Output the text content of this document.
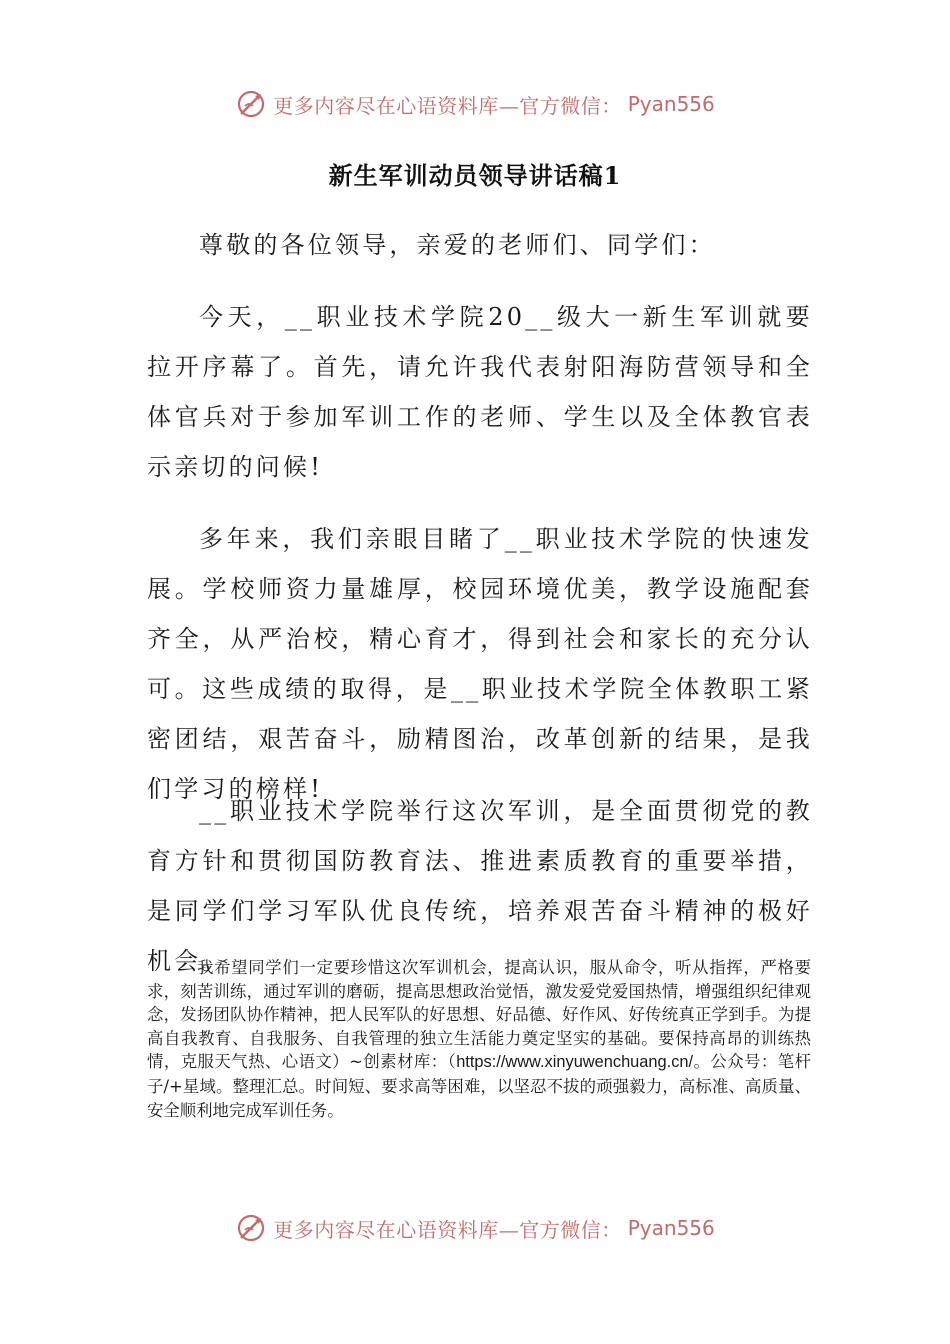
更多内容尽在心语资料库—官方微信： Pyan556
新生军训动员领导讲话稿1

尊敬的各位领导，亲爱的老师们、同学们：

今天，__职业技术学院20__级大一新生军训就要拉开序幕了。首先，请允许我代表射阳海防营领导和全体官兵对于参加军训工作的老师、学生以及全体教官表示亲切的问候!

多年来，我们亲眼目睹了__职业技术学院的快速发展。学校师资力量雄厚，校园环境优美，教学设施配套齐全，从严治校，精心育才，得到社会和家长的充分认可。这些成绩的取得，是__职业技术学院全体教职工紧密团结，艰苦奋斗，励精图治，改革创新的结果，是我们学习的榜样!

__职业技术学院举行这次军训，是全面贯彻党的教育方针和贯彻国防教育法、推进素质教育的重要举措，是同学们学习军队优良传统，培养艰苦奋斗精神的极好机会。

我希望同学们一定要珍惜这次军训机会，提高认识，服从命令，听从指挥，严格要求，刻苦训练，通过军训的磨砺，提高思想政治觉悟，激发爱党爱国热情，增强组织纪律观念，发扬团队协作精神，把人民军队的好思想、好品德、好作风、好传统真正学到手。为提高自我教育、自我服务、自我管理的独立生活能力奠定坚实的基础。要保持高昂的训练热情，克服天气热、心语文）~创素材库：（https://www.xinyuwenchuang.cn/。公众号：笔杆子/+星域。整理汇总。时间短、要求高等困难，以坚忍不拔的顽强毅力，高标准、高质量、安全顺利地完成军训任务。

更多内容尽在心语资料库—官方微信： Pyan556
